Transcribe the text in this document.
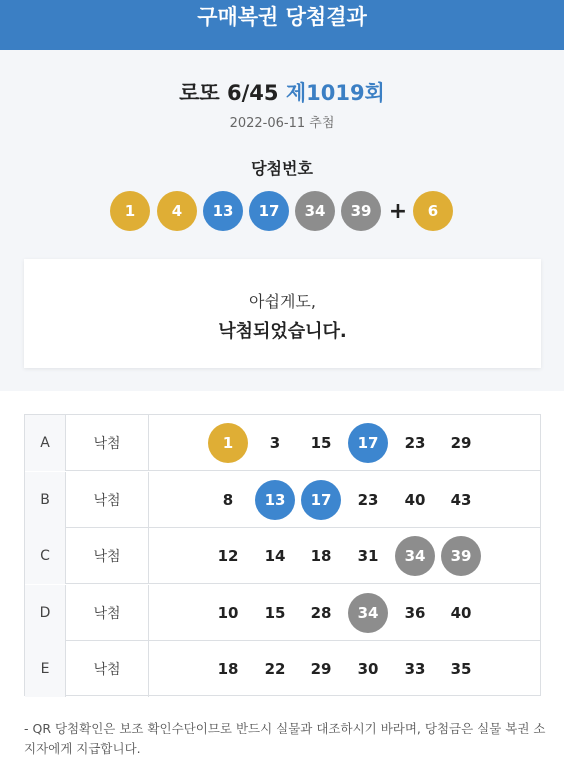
구매복권 당첨결과
로또 6/45 제1019회
2022-06-11 추첨
당첨번호
1	4	13	17	34	39 +	6
아쉽게도,
낙첨되었습니다.
A	낙첨	1	3	15	17	23	29
B	낙첨	8	13	17	23	40	43
C	낙첨	12	14	18	31	34	39
D	낙첨	10	15	28	34	36	40
E	낙첨	18	22	29	30	33	35
- QR 당첨확인은 보조 확인수단이므로 반드시 실물과 대조하시기 바라며, 당첨금은 실물 복권 소지자에게 지급합니다.
